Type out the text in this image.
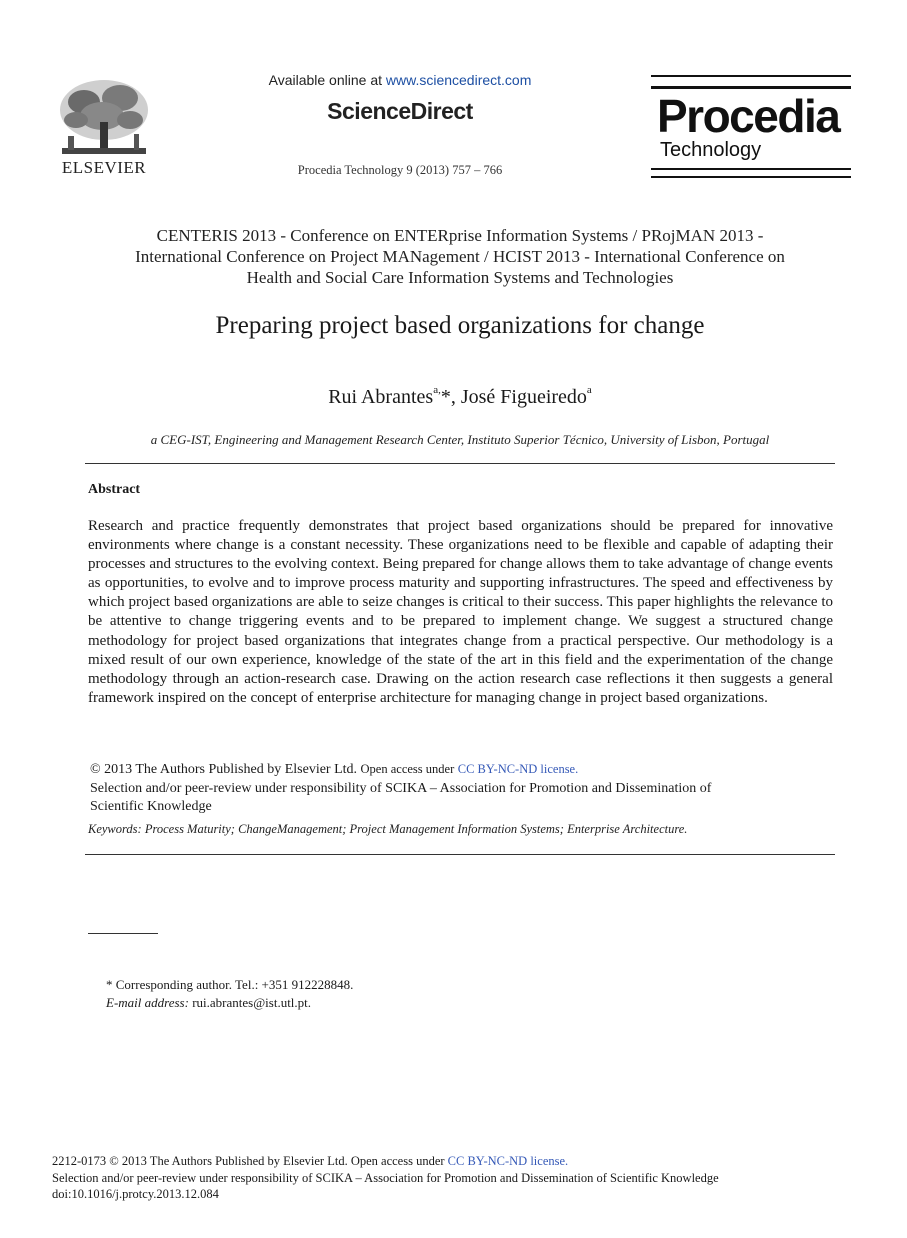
ELSEVIER
Available online at www.sciencedirect.com
ScienceDirect
Procedia Technology 9 (2013) 757 – 766
Procedia
Technology
CENTERIS 2013 - Conference on ENTERprise Information Systems / PRojMAN 2013 -
International Conference on Project MANagement / HCIST 2013 - International Conference on
Health and Social Care Information Systems and Technologies
Preparing project based organizations for change
Rui Abrantes$^{a,}$*, José Figueiredo$^a$
a CEG-IST, Engineering and Management Research Center, Instituto Superior Técnico, University of Lisbon, Portugal
Abstract
Research and practice frequently demonstrates that project based organizations should be prepared for innovative environments where change is a constant necessity. These organizations need to be flexible and capable of adapting their processes and structures to the evolving context. Being prepared for change allows them to take advantage of change events as opportunities, to evolve and to improve process maturity and supporting infrastructures. The speed and effectiveness by which project based organizations are able to seize changes is critical to their success. This paper highlights the relevance to be attentive to change triggering events and to be prepared to implement change. We suggest a structured change methodology for project based organizations that integrates change from a practical perspective. Our methodology is a mixed result of our own experience, knowledge of the state of the art in this field and the experimentation of the change methodology through an action-research case. Drawing on the action research case reflections it then suggests a general framework inspired on the concept of enterprise architecture for managing change in project based organizations.
© 2013 The Authors Published by Elsevier Ltd. Open access under CC BY-NC-ND license.
Selection and/or peer-review under responsibility of SCIKA – Association for Promotion and Dissemination of
Scientific Knowledge
Keywords: Process Maturity; ChangeManagement; Project Management Information Systems; Enterprise Architecture.
* Corresponding author. Tel.: +351 912228848.
E-mail address: rui.abrantes@ist.utl.pt.
2212-0173 © 2013 The Authors Published by Elsevier Ltd. Open access under CC BY-NC-ND license.
Selection and/or peer-review under responsibility of SCIKA – Association for Promotion and Dissemination of Scientific Knowledge
doi:10.1016/j.protcy.2013.12.084
